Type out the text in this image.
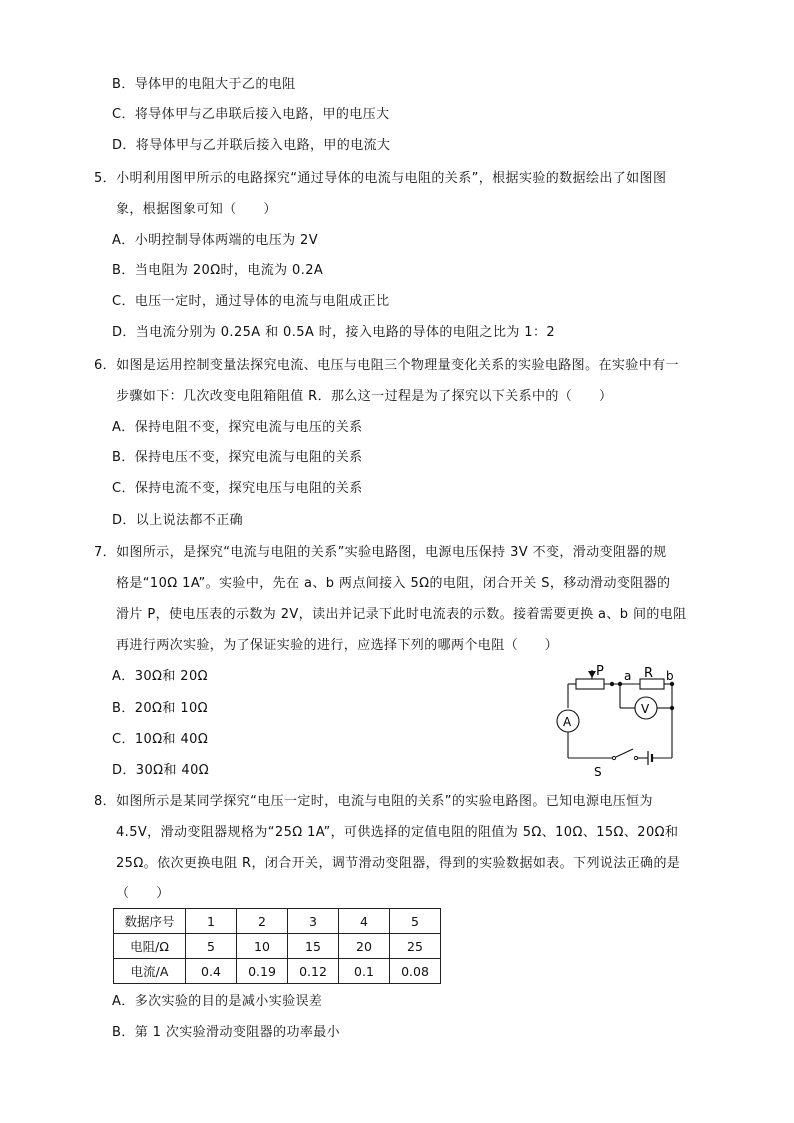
B．导体甲的电阻大于乙的电阻
C．将导体甲与乙串联后接入电路，甲的电压大
D．将导体甲与乙并联后接入电路，甲的电流大
5．小明利用图甲所示的电路探究“通过导体的电流与电阻的关系”，根据实验的数据绘出了如图图
象，根据图象可知（　　）
A．小明控制导体两端的电压为 2V
B．当电阻为 20Ω时，电流为 0.2A
C．电压一定时，通过导体的电流与电阻成正比
D．当电流分别为 0.25A 和 0.5A 时，接入电路的导体的电阻之比为 1：2
6．如图是运用控制变量法探究电流、电压与电阻三个物理量变化关系的实验电路图。在实验中有一
步骤如下：几次改变电阻箱阻值 R．那么这一过程是为了探究以下关系中的（　　）
A．保持电阻不变，探究电流与电压的关系
B．保持电压不变，探究电流与电阻的关系
C．保持电流不变，探究电压与电阻的关系
D．以上说法都不正确
7．如图所示，是探究“电流与电阻的关系”实验电路图，电源电压保持 3V 不变，滑动变阻器的规
格是“10Ω 1A”。实验中，先在 a、b 两点间接入 5Ω的电阻，闭合开关 S，移动滑动变阻器的
滑片 P，使电压表的示数为 2V，读出并记录下此时电流表的示数。接着需要更换 a、b 间的电阻
再进行两次实验，为了保证实验的进行，应选择下列的哪两个电阻（　　）
A．30Ω和 20Ω
B．20Ω和 10Ω
C．10Ω和 40Ω
D．30Ω和 40Ω
P a R b
A
V
S
8．如图所示是某同学探究“电压一定时，电流与电阻的关系”的实验电路图。已知电源电压恒为
4.5V，滑动变阻器规格为“25Ω 1A”，可供选择的定值电阻的阻值为 5Ω、10Ω、15Ω、20Ω和
25Ω。依次更换电阻 R，闭合开关，调节滑动变阻器，得到的实验数据如表。下列说法正确的是
（　　）
数据序号	1	2	3	4	5
电阻/Ω	5	10	15	20	25
电流/A	0.4	0.19	0.12	0.1	0.08
A．多次实验的目的是减小实验误差
B．第 1 次实验滑动变阻器的功率最小
